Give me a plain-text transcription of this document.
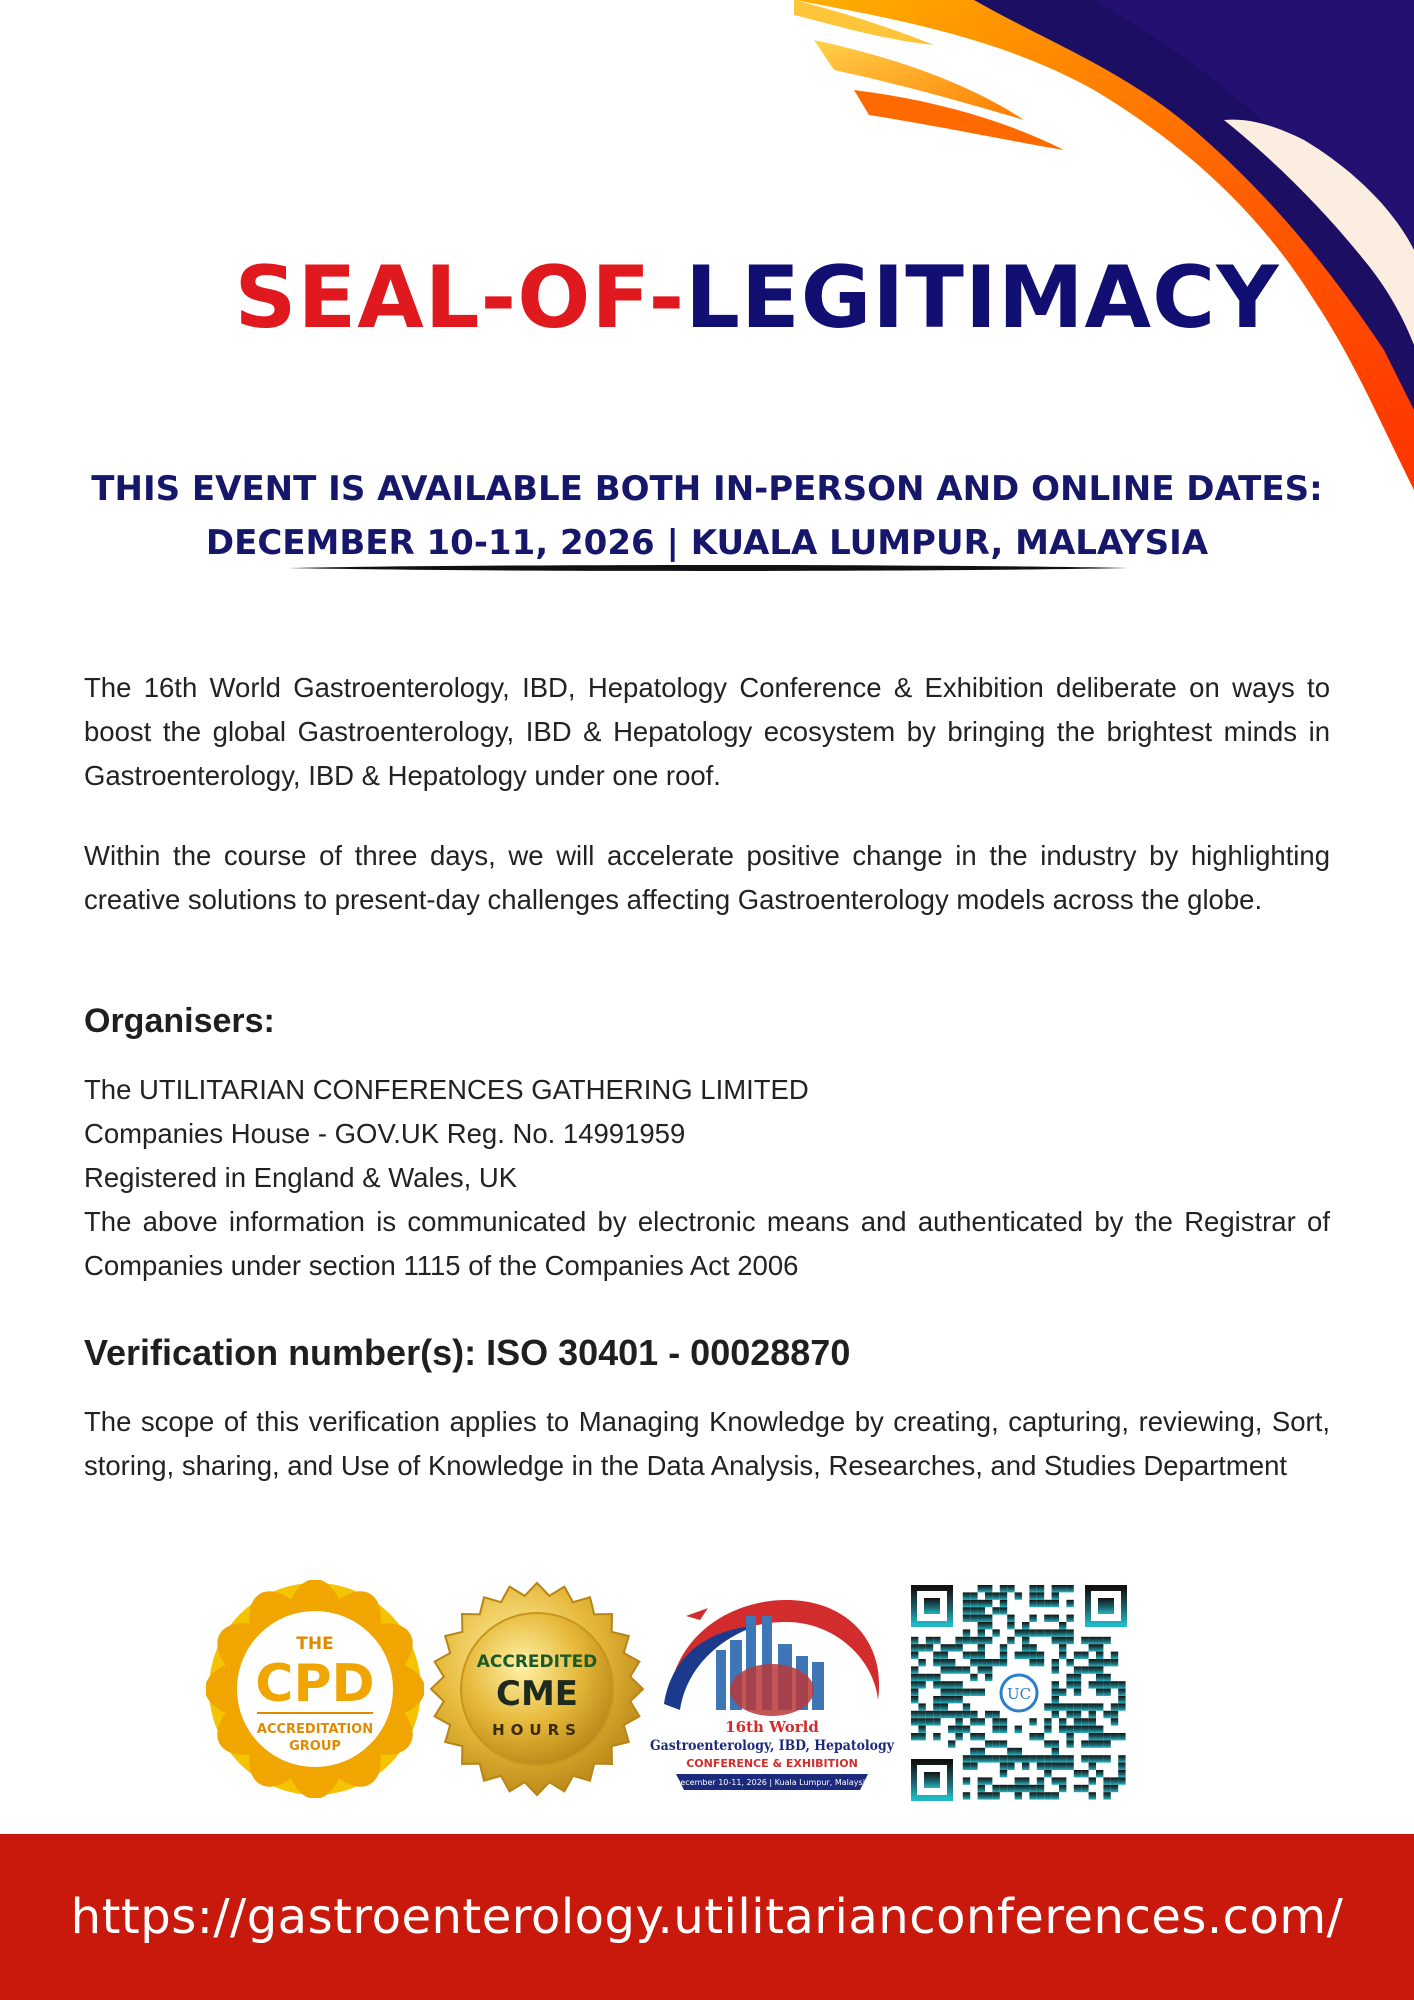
SEAL-OF-LEGITIMACY
THIS EVENT IS AVAILABLE BOTH IN-PERSON AND ONLINE DATES:
DECEMBER 10-11, 2026 | KUALA LUMPUR, MALAYSIA

The 16th World Gastroenterology, IBD, Hepatology Conference & Exhibition deliberate on ways to boost the global Gastroenterology, IBD & Hepatology ecosystem by bringing the brightest minds in Gastroenterology, IBD & Hepatology under one roof.

Within the course of three days, we will accelerate positive change in the industry by highlighting creative solutions to present-day challenges affecting Gastroenterology models across the globe.

Organisers:
The UTILITARIAN CONFERENCES GATHERING LIMITED
Companies House - GOV.UK Reg. No. 14991959
Registered in England & Wales, UK
The above information is communicated by electronic means and authenticated by the Registrar of Companies under section 1115 of the Companies Act 2006
Verification number(s): ISO 30401 - 00028870

The scope of this verification applies to Managing Knowledge by creating, capturing, reviewing, Sort, storing, sharing, and Use of Knowledge in the Data Analysis, Researches, and Studies Department

THE
CPD
ACCREDITATION
GROUP
ACCREDITED
CME
HOURS	16th World
Gastroenterology, IBD, Hepatology
CONFERENCE & EXHIBITION
December 10-11, 2026 | Kuala Lumpur, Malaysia
UC
https://gastroenterology.utilitarianconferences.com/
